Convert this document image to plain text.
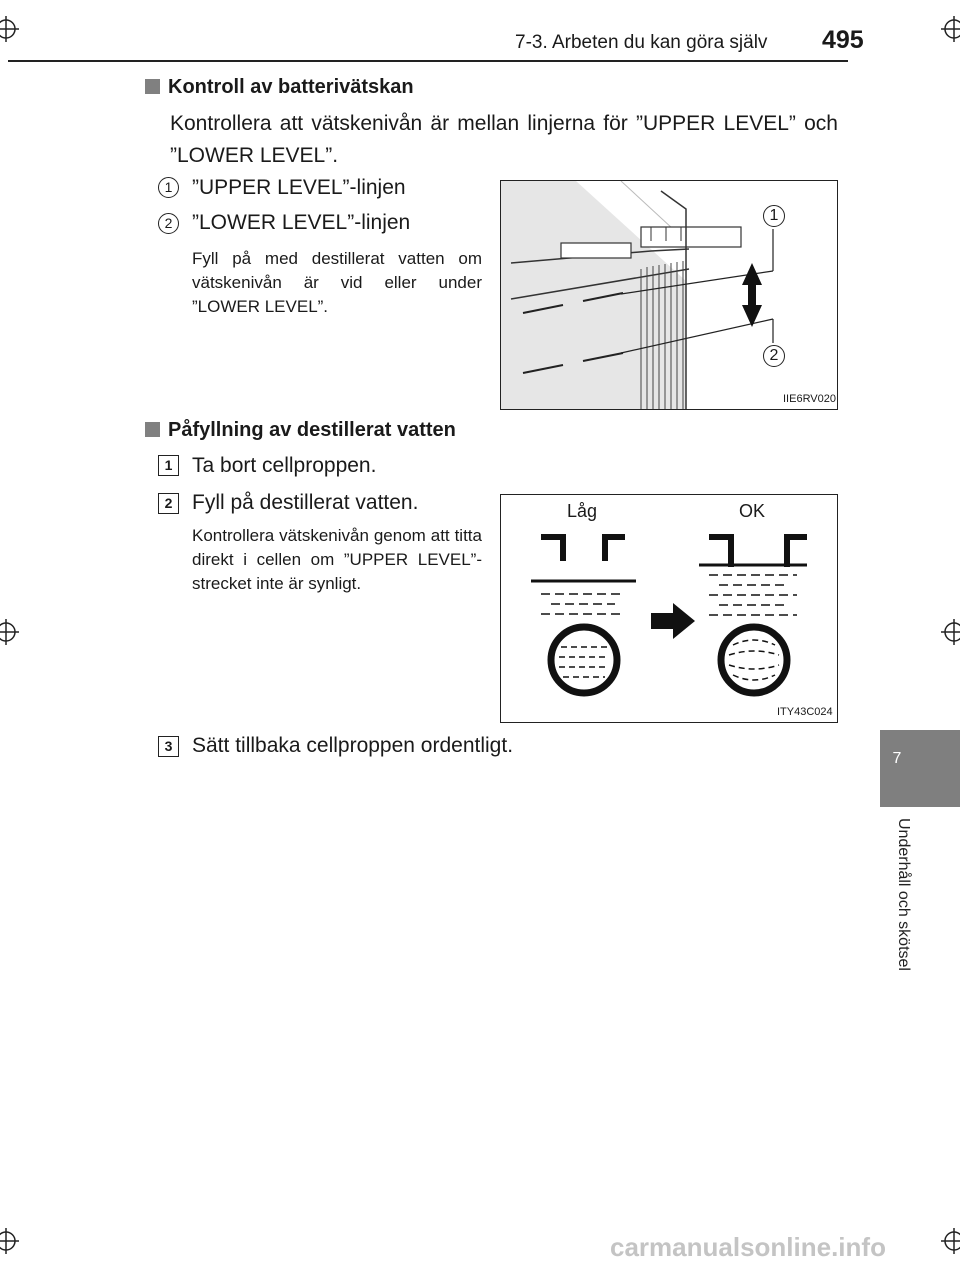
7-3. Arbeten du kan göra själv 495
7
Underhåll och skötsel
Kontroll av batterivätskan
Kontrollera att vätskenivån är mellan linjerna för ”UPPER LEVEL” och ”LOWER LEVEL”.
1 ”UPPER LEVEL”-linjen
2 ”LOWER LEVEL”-linjen
Fyll på med destillerat vatten om vätskenivån är vid eller under ”LOWER LEVEL”.
1
2
IIE6RV020
Påfyllning av destillerat vatten
1 Ta bort cellproppen.
2 Fyll på destillerat vatten.
Kontrollera vätskenivån genom att titta direkt i cellen om ”UPPER LEVEL”-strecket inte är synligt.
Låg	OK
ITY43C024
3 Sätt tillbaka cellproppen ordentligt.
carmanualsonline.info
